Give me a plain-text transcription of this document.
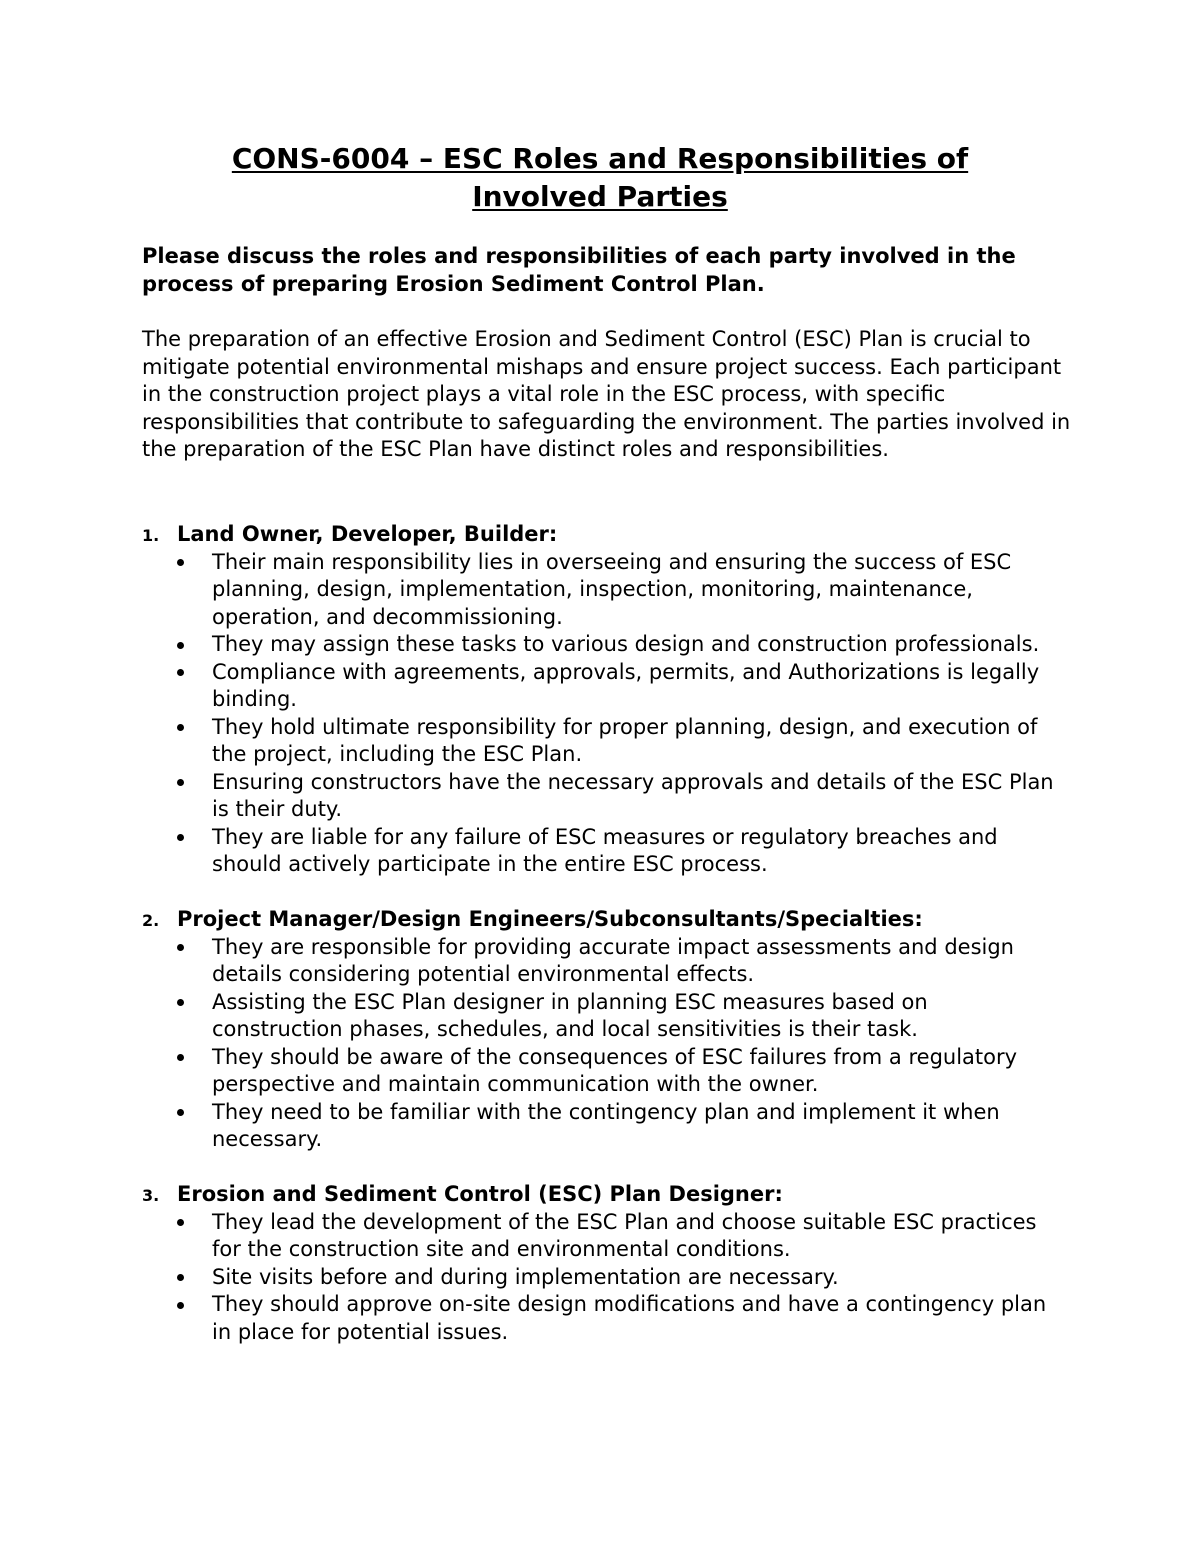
CONS-6004 – ESC Roles and Responsibilities of
Involved Parties

Please discuss the roles and responsibilities of each party involved in the process of preparing Erosion Sediment Control Plan.

The preparation of an effective Erosion and Sediment Control (ESC) Plan is crucial to mitigate potential environmental mishaps and ensure project success. Each participant in the construction project plays a vital role in the ESC process, with specific responsibilities that contribute to safeguarding the environment. The parties involved in the preparation of the ESC Plan have distinct roles and responsibilities.

1. Land Owner, Developer, Builder:
Their main responsibility lies in overseeing and ensuring the success of ESC planning, design, implementation, inspection, monitoring, maintenance, operation, and decommissioning.
They may assign these tasks to various design and construction professionals.
Compliance with agreements, approvals, permits, and Authorizations is legally binding.
They hold ultimate responsibility for proper planning, design, and execution of the project, including the ESC Plan.
Ensuring constructors have the necessary approvals and details of the ESC Plan is their duty.
They are liable for any failure of ESC measures or regulatory breaches and should actively participate in the entire ESC process.
2. Project Manager/Design Engineers/Subconsultants/Specialties:
They are responsible for providing accurate impact assessments and design details considering potential environmental effects.
Assisting the ESC Plan designer in planning ESC measures based on construction phases, schedules, and local sensitivities is their task.
They should be aware of the consequences of ESC failures from a regulatory perspective and maintain communication with the owner.
They need to be familiar with the contingency plan and implement it when necessary.
3. Erosion and Sediment Control (ESC) Plan Designer:
They lead the development of the ESC Plan and choose suitable ESC practices for the construction site and environmental conditions.
Site visits before and during implementation are necessary.
They should approve on-site design modifications and have a contingency plan in place for potential issues.
